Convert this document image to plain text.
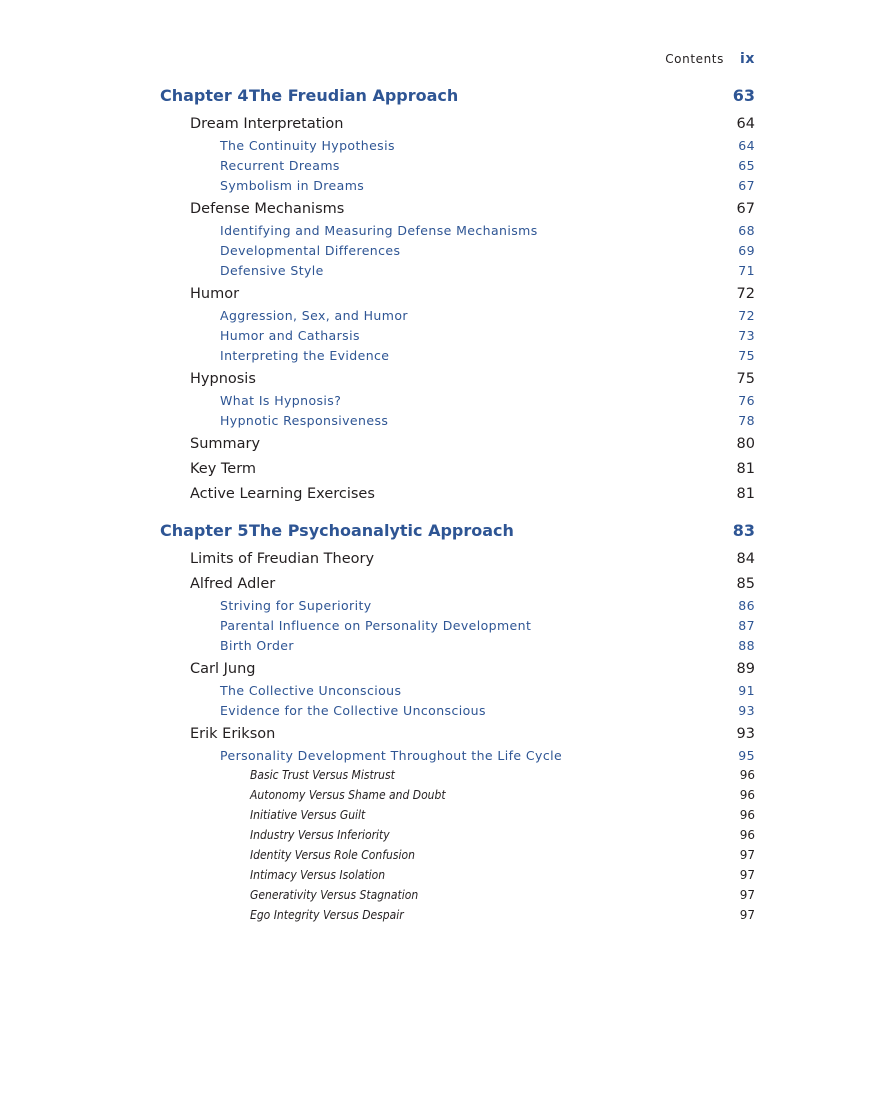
Contents ix
Chapter 4The Freudian Approach	63
Dream Interpretation	64
The Continuity Hypothesis	64
Recurrent Dreams	65
Symbolism in Dreams	67
Defense Mechanisms	67
Identifying and Measuring Defense Mechanisms	68
Developmental Differences	69
Defensive Style	71
Humor	72
Aggression, Sex, and Humor	72
Humor and Catharsis	73
Interpreting the Evidence	75
Hypnosis	75
What Is Hypnosis?	76
Hypnotic Responsiveness	78
Summary	80
Key Term	81
Active Learning Exercises	81
Chapter 5The Psychoanalytic Approach	83
Limits of Freudian Theory	84
Alfred Adler	85
Striving for Superiority	86
Parental Influence on Personality Development	87
Birth Order	88
Carl Jung	89
The Collective Unconscious	91
Evidence for the Collective Unconscious	93
Erik Erikson	93
Personality Development Throughout the Life Cycle	95
Basic Trust Versus Mistrust	96
Autonomy Versus Shame and Doubt	96
Initiative Versus Guilt	96
Industry Versus Inferiority	96
Identity Versus Role Confusion	97
Intimacy Versus Isolation	97
Generativity Versus Stagnation	97
Ego Integrity Versus Despair	97
